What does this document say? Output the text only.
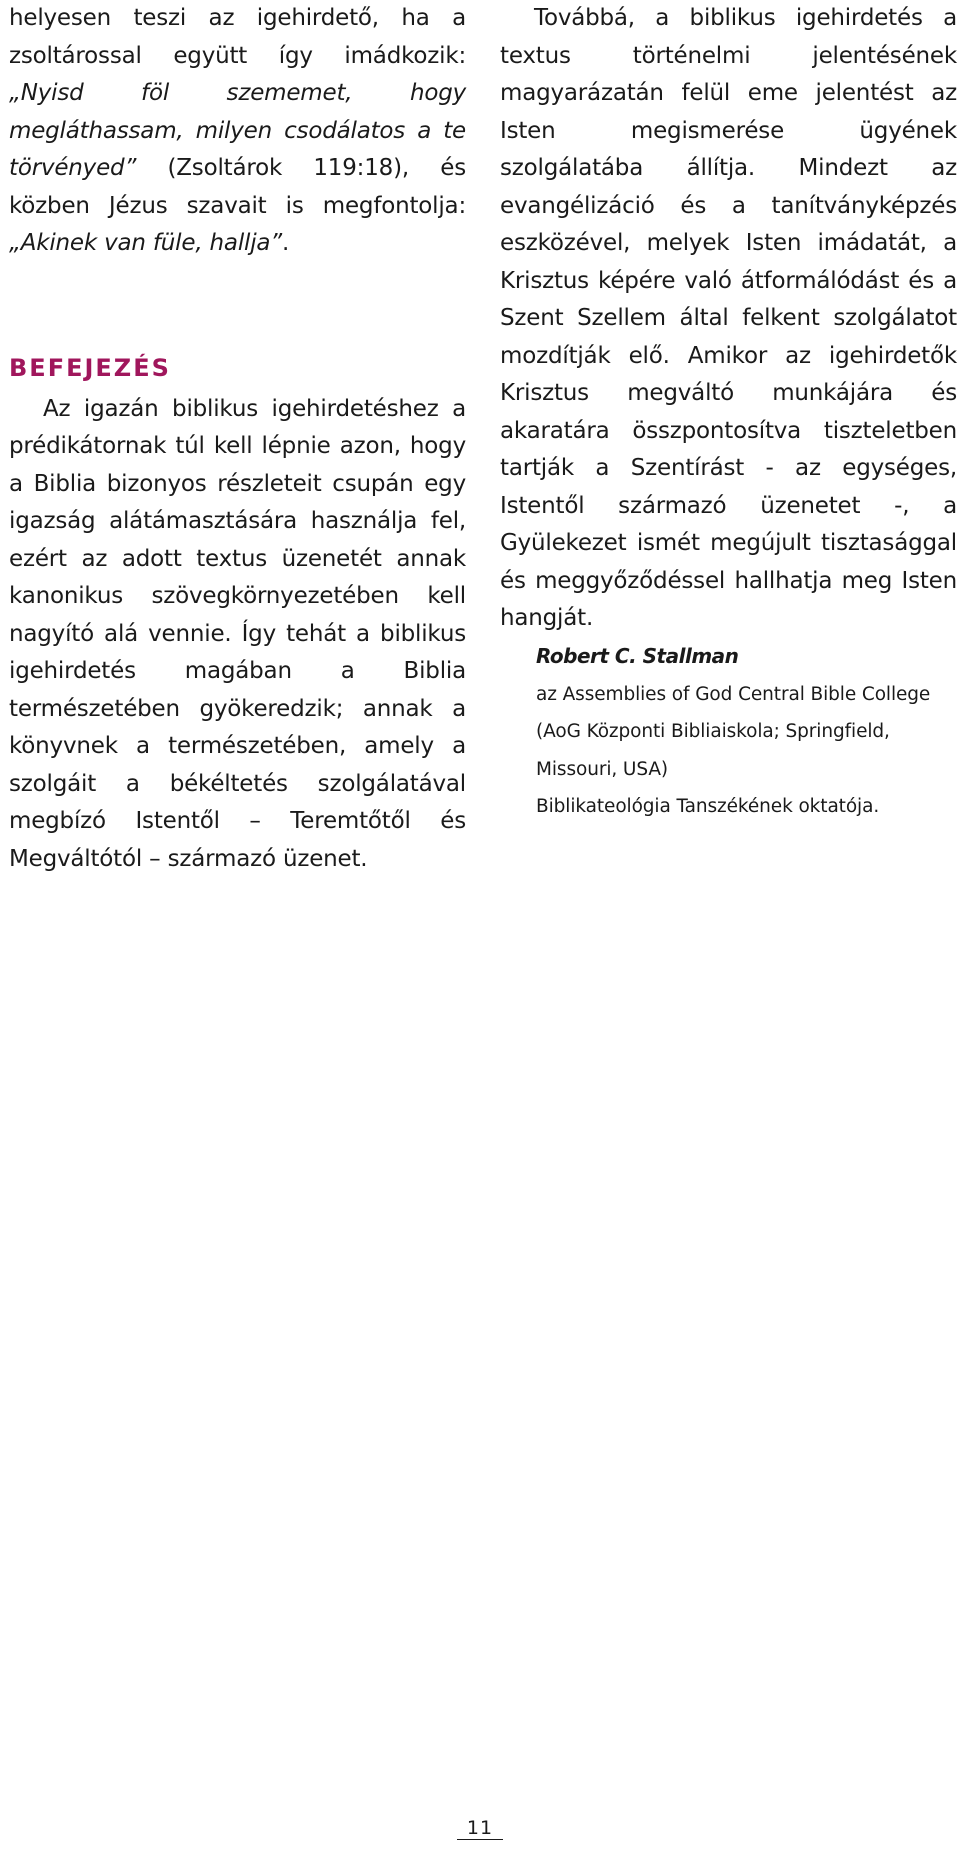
helyesen teszi az igehirdető, ha a zsoltárossal együtt így imádkozik: „Nyisd föl szememet, hogy megláthassam, milyen csodálatos a te törvényed” (Zsoltárok 119:18), és közben Jézus szavait is megfontolja: „Akinek van füle, hallja”.

BEFEJEZÉS

Az igazán biblikus igehirdetéshez a prédikátornak túl kell lépnie azon, hogy a Biblia bizonyos részleteit csupán egy igazság alátámasztására használja fel, ezért az adott textus üzenetét annak kanonikus szövegkörnyezetében kell nagyító alá vennie. Így tehát a biblikus igehirdetés magában a Biblia természetében gyökeredzik; annak a könyvnek a természetében, amely a szolgáit a békéltetés szolgálatával megbízó Istentől – Teremtőtől és Megváltótól – származó üzenet.

Továbbá, a biblikus igehirdetés a textus történelmi jelentésének magyarázatán felül eme jelentést az Isten megismerése ügyének szolgálatába állítja. Mindezt az evangélizáció és a tanítványképzés eszközével, melyek Isten imádatát, a Krisztus képére való átformálódást és a Szent Szellem által felkent szolgálatot mozdítják elő. Amikor az igehirdetők Krisztus megváltó munkájára és akaratára összpontosítva tiszteletben tartják a Szentírást - az egységes, Istentől származó üzenetet -, a Gyülekezet ismét megújult tisztasággal és meggyőződéssel hallhatja meg Isten hangját.

Robert C. Stallman
az Assemblies of God Central Bible College
(AoG Központi Bibliaiskola; Springfield,
Missouri, USA)
Biblikateológia Tanszékének oktatója.
11
